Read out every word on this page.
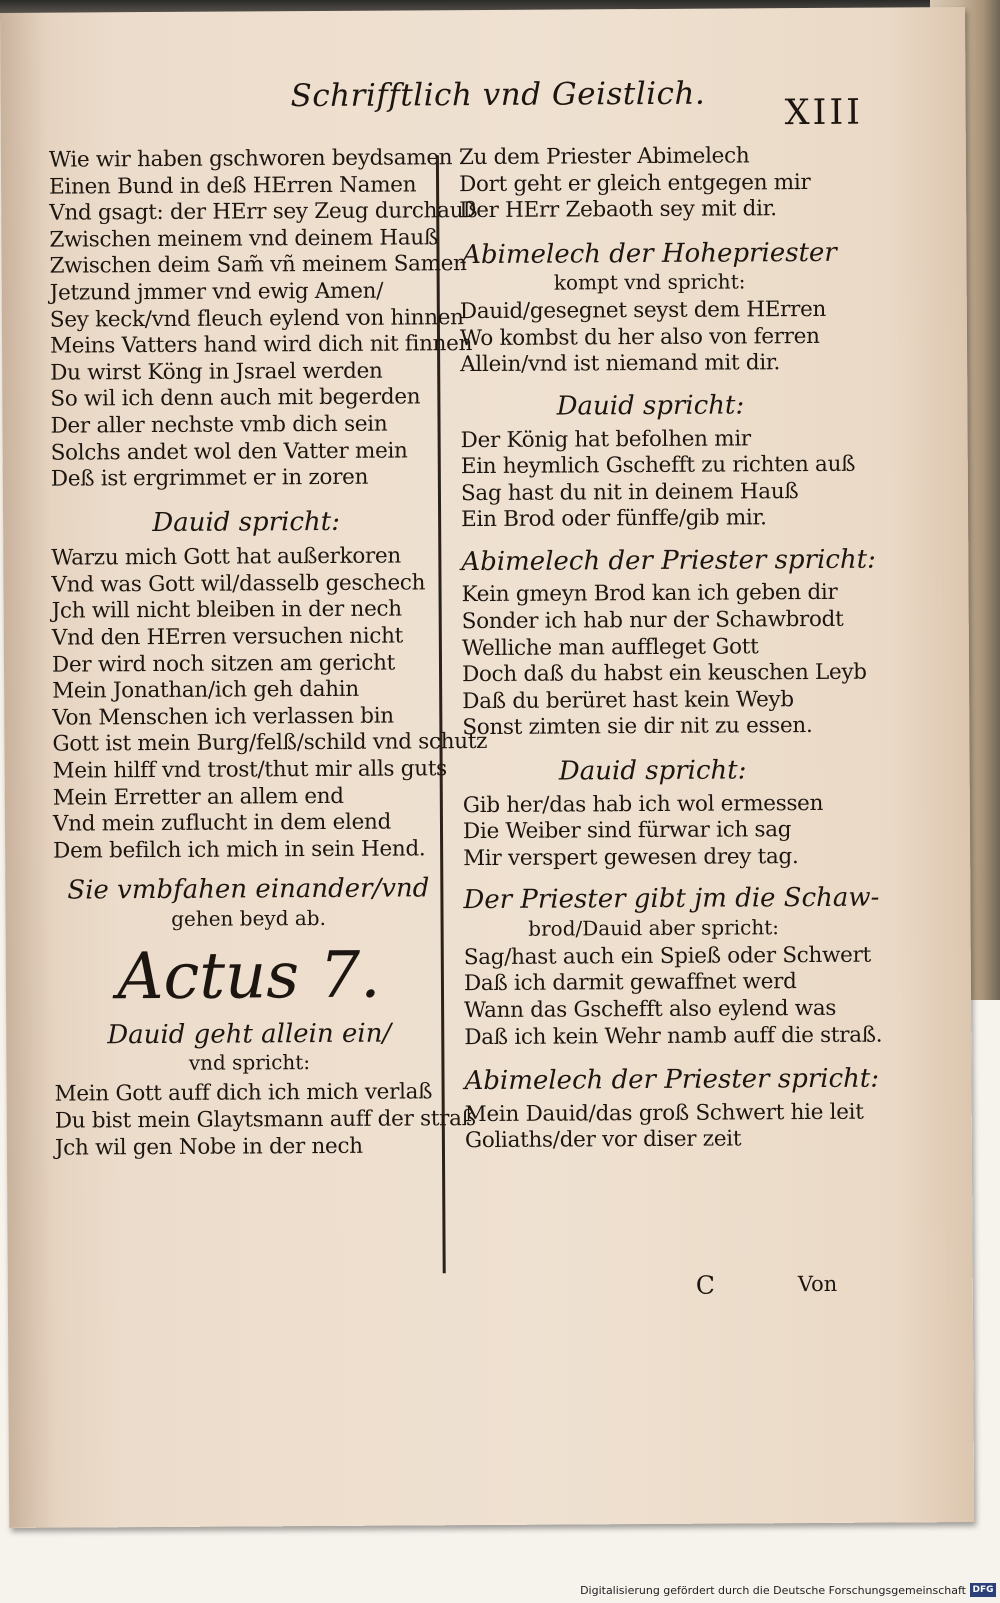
Schrifftlich vnd Geistlich. XIII
Wie wir haben gschworen beydsamen
Einen Bund in deß HErren Namen
Vnd gsagt: der HErr sey Zeug durchauß
Zwischen meinem vnd deinem Hauß
Zwischen deim Sam̃ vñ meinem Samen
Jetzund jmmer vnd ewig Amen/
Sey keck/vnd fleuch eylend von hinnen
Meins Vatters hand wird dich nit finnen
Du wirst Köng in Jsrael werden
So wil ich denn auch mit begerden
Der aller nechste vmb dich sein
Solchs andet wol den Vatter mein
Deß ist ergrimmet er in zoren
Dauid spricht:
Warzu mich Gott hat außerkoren
Vnd was Gott wil/dasselb geschech
Jch will nicht bleiben in der nech
Vnd den HErren versuchen nicht
Der wird noch sitzen am gericht
Mein Jonathan/ich geh dahin
Von Menschen ich verlassen bin
Gott ist mein Burg/felß/schild vnd schutz
Mein hilff vnd trost/thut mir alls guts
Mein Erretter an allem end
Vnd mein zuflucht in dem elend
Dem befilch ich mich in sein Hend.
Sie vmbfahen einander/vnd
gehen beyd ab.
Actus 7.
Dauid geht allein ein/
vnd spricht:
Mein Gott auff dich ich mich verlaß
Du bist mein Glaytsmann auff der straß
Jch wil gen Nobe in der nech
Zu dem Priester Abimelech
Dort geht er gleich entgegen mir
Der HErr Zebaoth sey mit dir.
Abimelech der Hohepriester
kompt vnd spricht:
Dauid/gesegnet seyst dem HErren
Wo kombst du her also von ferren
Allein/vnd ist niemand mit dir.
Dauid spricht:
Der König hat befolhen mir
Ein heymlich Gschefft zu richten auß
Sag hast du nit in deinem Hauß
Ein Brod oder fünffe/gib mir.
Abimelech der Priester spricht:
Kein gmeyn Brod kan ich geben dir
Sonder ich hab nur der Schawbrodt
Welliche man auffleget Gott
Doch daß du habst ein keuschen Leyb
Daß du berüret hast kein Weyb
Sonst zimten sie dir nit zu essen.
Dauid spricht:
Gib her/das hab ich wol ermessen
Die Weiber sind fürwar ich sag
Mir verspert gewesen drey tag.
Der Priester gibt jm die Schaw-
brod/Dauid aber spricht:
Sag/hast auch ein Spieß oder Schwert
Daß ich darmit gewaffnet werd
Wann das Gschefft also eylend was
Daß ich kein Wehr namb auff die straß.
Abimelech der Priester spricht:
Mein Dauid/das groß Schwert hie leit
Goliaths/der vor diser zeit
C	Von
Digitalisierung gefördert durch die Deutsche Forschungsgemeinschaft DFG
